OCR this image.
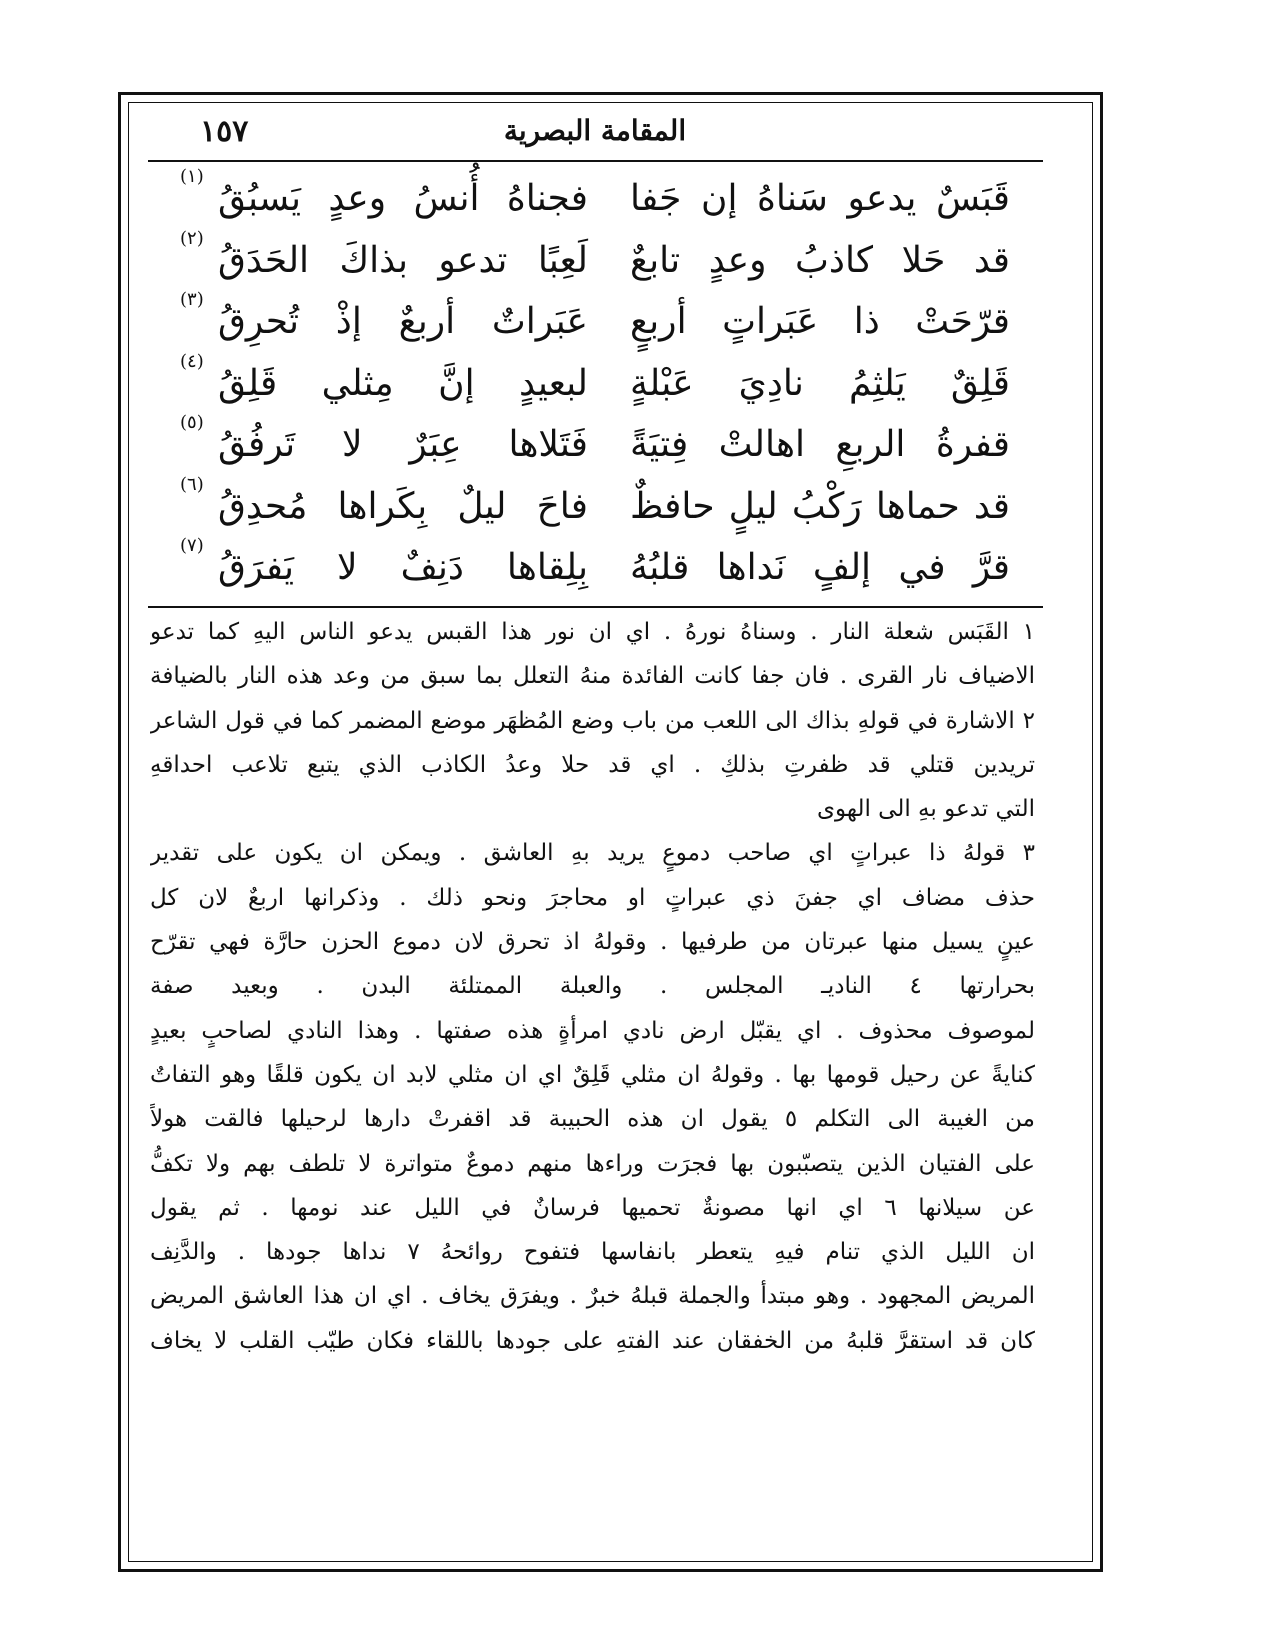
المقامة البصرية
١٥٧
قَبَسٌ يدعو سَناهُ إن جَفا
فجناهُ أُنسُ وعدٍ يَسبُقُ
(١)
قد حَلا كاذبُ وعدٍ تابعٌ
لَعِبًا تدعو بذاكَ الحَدَقُ
(٢)
قرّحَتْ ذا عَبَراتٍ أربعٍ
عَبَراتٌ أربعٌ إذْ تُحرِقُ
(٣)
قَلِقٌ يَلثِمُ نادِيَ عَبْلةٍ
لبعيدٍ إنَّ مِثلي قَلِقُ
(٤)
قفرةُ الربعِ اهالتْ فِتيَةً
فَتَلاها عِبَرٌ لا تَرفُقُ
(٥)
قد حماها رَكْبُ ليلٍ حافظٌ
فاحَ ليلٌ بِكَراها مُحدِقُ
(٦)
قرَّ في إلفٍ نَداها قلبُهُ
بِلِقاها دَنِفٌ لا يَفرَقُ
(٧)
١ القَبَس شعلة النار . وسناهُ نورهُ . اي ان نور هذا القبس يدعو الناس اليهِ كما تدعو
الاضياف نار القرى . فان جفا كانت الفائدة منهُ التعلل بما سبق من وعد هذه النار بالضيافة
٢ الاشارة في قولهِ بذاك الى اللعب من باب وضع المُظهَر موضع المضمر كما في قول الشاعر
تريدين قتلي قد ظفرتِ بذلكِ . اي قد حلا وعدُ الكاذب الذي يتبع تلاعب احداقهِ
التي تدعو بهِ الى الهوى
٣ قولهُ ذا عبراتٍ اي صاحب دموعٍ يريد بهِ العاشق . ويمكن ان يكون على تقدير
حذف مضاف اي جفنَ ذي عبراتٍ او محاجرَ ونحو ذلك . وذكرانها اربعٌ لان كل
عينٍ يسيل منها عبرتان من طرفيها . وقولهُ اذ تحرق لان دموع الحزن حارَّة فهي تقرّح
بحرارتها ٤ الناديـ المجلس . والعبلة الممتلئة البدن . وبعيد صفة
لموصوف محذوف . اي يقبّل ارض نادي امرأةٍ هذه صفتها . وهذا النادي لصاحبٍ بعيدٍ
كنايةً عن رحيل قومها بها . وقولهُ ان مثلي قَلِقٌ اي ان مثلي لابد ان يكون قلقًا وهو التفاتٌ
من الغيبة الى التكلم ٥ يقول ان هذه الحبيبة قد اقفرتْ دارها لرحيلها فالقت هولاً
على الفتيان الذين يتصبّبون بها فجرَت وراءها منهم دموعٌ متواترة لا تلطف بهم ولا تكفُّ
عن سيلانها ٦ اي انها مصونةٌ تحميها فرسانٌ في الليل عند نومها . ثم يقول
ان الليل الذي تنام فيهِ يتعطر بانفاسها فتفوح روائحهُ ٧ نداها جودها . والدَّنِف
المريض المجهود . وهو مبتدأ والجملة قبلهُ خبرٌ . ويفرَق يخاف . اي ان هذا العاشق المريض
كان قد استقرَّ قلبهُ من الخفقان عند الفتهِ على جودها باللقاء فكان طيّب القلب لا يخاف
